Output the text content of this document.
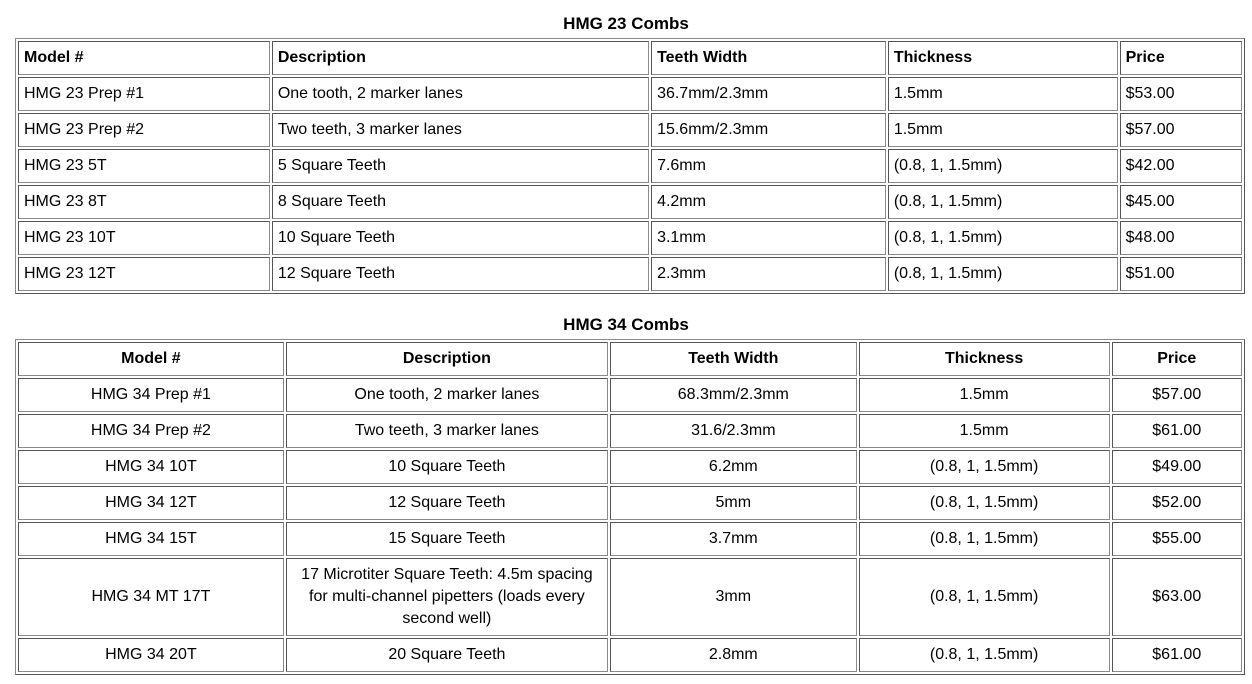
HMG 23 Combs
Model #	Description	Teeth Width	Thickness	Price
HMG 23 Prep #1	One tooth, 2 marker lanes	36.7mm/2.3mm	1.5mm	$53.00
HMG 23 Prep #2	Two teeth, 3 marker lanes	15.6mm/2.3mm	1.5mm	$57.00
HMG 23 5T	5 Square Teeth	7.6mm	(0.8, 1, 1.5mm)	$42.00
HMG 23 8T	8 Square Teeth	4.2mm	(0.8, 1, 1.5mm)	$45.00
HMG 23 10T	10 Square Teeth	3.1mm	(0.8, 1, 1.5mm)	$48.00
HMG 23 12T	12 Square Teeth	2.3mm	(0.8, 1, 1.5mm)	$51.00
HMG 34 Combs
Model #	Description	Teeth Width	Thickness	Price
HMG 34 Prep #1	One tooth, 2 marker lanes	68.3mm/2.3mm	1.5mm	$57.00
HMG 34 Prep #2	Two teeth, 3 marker lanes	31.6/2.3mm	1.5mm	$61.00
HMG 34 10T	10 Square Teeth	6.2mm	(0.8, 1, 1.5mm)	$49.00
HMG 34 12T	12 Square Teeth	5mm	(0.8, 1, 1.5mm)	$52.00
HMG 34 15T	15 Square Teeth	3.7mm	(0.8, 1, 1.5mm)	$55.00
HMG 34 MT 17T	17 Microtiter Square Teeth: 4.5m spacing for multi-channel pipetters (loads every second well)	3mm	(0.8, 1, 1.5mm)	$63.00
HMG 34 20T	20 Square Teeth	2.8mm	(0.8, 1, 1.5mm)	$61.00
